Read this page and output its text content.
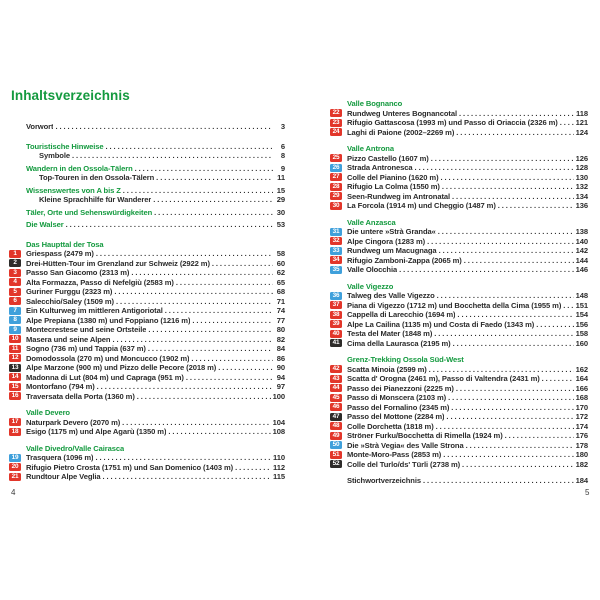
Inhaltsverzeichnis
Vorwort . . .	3
Touristische Hinweise . . .	6
Symbole . . .	8
Wandern in den Ossola-Tälern . . .	9
Top-Touren in den Ossola-Tälern . . .	11
Wissenswertes von A bis Z . . .	15
Kleine Sprachhilfe für Wanderer . . .	29
Täler, Orte und Sehenswürdigkeiten . . .	30
Die Walser . . .	53
Das Haupttal der Tosa
1	Griespass (2479 m) . . .	58
2	Drei-Hütten-Tour im Grenzland zur Schweiz (2922 m) . . .	60
3	Passo San Giacomo (2313 m) . . .	62
4	Alta Formazza, Passo di Nefelgiù (2583 m) . . .	65
5	Guriner Furggu (2323 m) . . .	68
6	Salecchio/Saley (1509 m) . . .	71
7	Ein Kulturweg im mittleren Antigoriotal . . .	74
8	Alpe Prepiana (1380 m) und Foppiano (1216 m) . . .	77
9	Montecrestese und seine Ortsteile . . .	80
10	Masera und seine Alpen . . .	82
11	Sogno (736 m) und Tappia (637 m) . . .	84
12	Domodossola (270 m) und Moncucco (1902 m) . . .	86
13	Alpe Marzone (900 m) und Pizzo delle Pecore (2018 m) . . .	90
14	Madonna di Lut (804 m) und Capraga (951 m) . . .	94
15	Montorfano (794 m) . . .	97
16	Traversata della Porta (1360 m) . . .	100
Valle Devero
17	Naturpark Devero (2070 m) . . .	104
18	Esigo (1175 m) und Alpe Agarù (1350 m) . . .	108
Valle Divedro/Valle Cairasca
19	Trasquera (1096 m) . . .	110
20	Rifugio Pietro Crosta (1751 m) und San Domenico (1403 m) . . .	112
21	Rundtour Alpe Veglia . . .	115
Valle Bognanco
22	Rundweg Unteres Bognancotal . . .	118
23	Rifugio Gattascosa (1993 m) und Passo di Oriaccia (2326 m) . . . 121
24	Laghi di Paione (2002–2269 m) . . .	124
Valle Antrona
25	Pizzo Castello (1607 m) . . .	126
26	Strada Antronesca . . .	128
27	Colle del Pianino (1620 m) . . .	130
28	Rifugio La Colma (1550 m) . . .	132
29	Seen-Rundweg im Antronatal . . .	134
30	La Forcola (1914 m) und Cheggio (1487 m) . . .	136
Valle Anzasca
31	Die untere »Strà Granda« . . .	138
32	Alpe Cingora (1283 m) . . .	140
33	Rundweg um Macugnaga . . .	142
34	Rifugio Zamboni-Zappa (2065 m) . . .	144
35	Valle Olocchia . . .	146
Valle Vigezzo
36	Talweg des Valle Vigezzo . . .	148
37	Piana di Vigezzo (1712 m) und Bocchetta della Cima (1955 m) . . . 151
38	Cappella di Larecchio (1694 m) . . .	154
39	Alpe La Cailina (1135 m) und Costa di Faedo (1343 m) . . .	156
40	Testa del Mater (1848 m) . . .	158
41	Cima della Laurasca (2195 m) . . .	160
Grenz-Trekking Ossola Süd-West
42	Scatta Minoia (2599 m) . . .	162
43	Scatta d' Orogna (2461 m), Passo di Valtendra (2431 m) . . .	164
44	Passo dei Pianezzoni (2225 m) . . .	166
45	Passo di Monscera (2103 m) . . .	168
46	Passo del Fornalino (2345 m) . . .	170
47	Passo del Mottone (2284 m) . . .	172
48	Colle Dorchetta (1818 m) . . .	174
49	Ströner Furku/Bocchetta di Rimella (1924 m) . . .	176
50	Die »Strà Vegia« des Valle Strona . . .	178
51	Monte-Moro-Pass (2853 m) . . .	180
52	Colle del Turlo/ds' Türli (2738 m) . . .	182
Stichwortverzeichnis . . .	184
4	5
